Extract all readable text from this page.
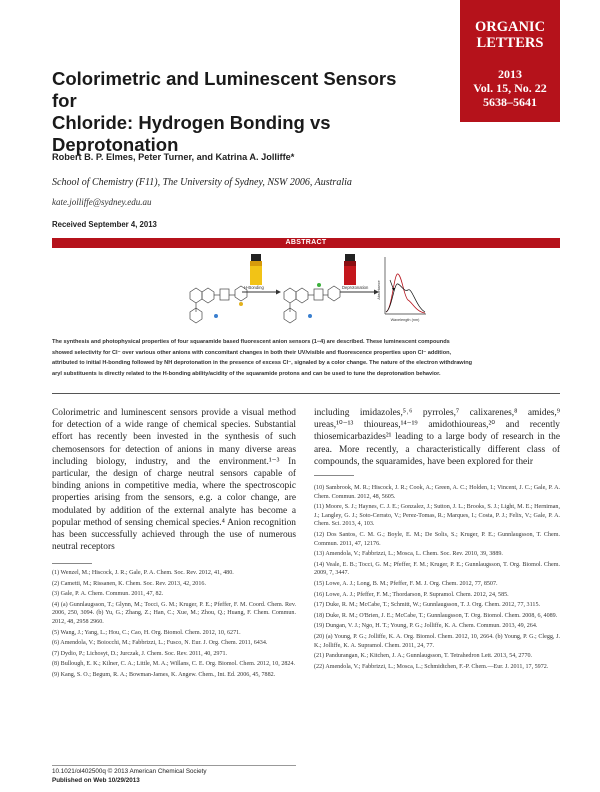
Colorimetric and Luminescent Sensors for
Chloride: Hydrogen Bonding vs
Deprotonation
ORGANIC
LETTERS
2013
Vol. 15, No. 22
5638–5641
Robert B. P. Elmes, Peter Turner, and Katrina A. Jolliffe*
School of Chemistry (F11), The University of Sydney, NSW 2006, Australia
kate.jolliffe@sydney.edu.au
Received September 4, 2013
ABSTRACT
H-Bonding	Deprotonation Absorbance
Wavelength (nm)
The synthesis and photophysical properties of four squaramide based fluorescent anion sensors (1−4) are described. These luminescent compounds
showed selectivity for Cl⁻ over various other anions with concomitant changes in both their UV/visible and fluorescence properties upon Cl⁻ addition,
attributed to initial H-bonding followed by NH deprotonation in the presence of excess Cl⁻, signaled by a color change. The nature of the electron withdrawing
aryl substituents is directly related to the H-bonding ability/acidity of the squaramide protons and can be used to tune the deprotonation behavior.
Colorimetric and luminescent sensors provide a visual method for detection of a wide range of chemical species. Substantial effort has recently been invested in the synthesis of such chemosensors for detection of anions in many diverse areas including biology, industry, and the environment.¹⁻³ In particular, the design of charge neutral sensors capable of binding anions in competitive media, where the spectroscopic properties arising from the sensors, e.g. a color change, are modulated by addition of the external analyte has become a popular method of sensing chemical species.⁴ Anion recognition has been successfully achieved through the use of numerous neutral receptors
including imidazoles,⁵˒⁶ pyrroles,⁷ calixarenes,⁸ amides,⁹ ureas,¹⁰⁻¹³ thioureas,¹⁴⁻¹⁹ amidothioureas,²⁰ and recently thiosemicarbazides²¹ leading to a large body of research in the area. More recently, a characteristically different class of compounds, the squaramides, have been explored for their
(1) Wenzel, M.; Hiscock, J. R.; Gale, P. A. Chem. Soc. Rev. 2012, 41, 480.
(2) Cametti, M.; Rissanen, K. Chem. Soc. Rev. 2013, 42, 2016.
(3) Gale, P. A. Chem. Commun. 2011, 47, 82.
(4) (a) Gunnlaugsson, T.; Glynn, M.; Tocci, G. M.; Kruger, P. E.; Pfeffer, F. M. Coord. Chem. Rev. 2006, 250, 3094. (b) Yu, G.; Zhang, Z.; Han, C.; Xue, M.; Zhou, Q.; Huang, F. Chem. Commun. 2012, 48, 2958 2960.
(5) Wang, J.; Yang, L.; Hou, C.; Cao, H. Org. Biomol. Chem. 2012, 10, 6271.
(6) Amendola, V.; Boiocchi, M.; Fabbrizzi, L.; Fusco, N. Eur. J. Org. Chem. 2011, 6434.
(7) Dydio, P.; Lichosyt, D.; Jurczak, J. Chem. Soc. Rev. 2011, 40, 2971.
(8) Bullough, E. K.; Kilner, C. A.; Little, M. A.; Willans, C. E. Org. Biomol. Chem. 2012, 10, 2824.
(9) Kang, S. O.; Begum, R. A.; Bowman-James, K. Angew. Chem., Int. Ed. 2006, 45, 7882.
(10) Sambrook, M. R.; Hiscock, J. R.; Cook, A.; Green, A. C.; Holden, I.; Vincent, J. C.; Gale, P. A. Chem. Commun. 2012, 48, 5605.
(11) Moore, S. J.; Haynes, C. J. E.; Gonzalez, J.; Sutton, J. L.; Brooks, S. J.; Light, M. E.; Herniman, J.; Langley, G. J.; Soto-Cerrato, V.; Perez-Tomas, R.; Marques, I.; Costa, P. J.; Felix, V.; Gale, P. A. Chem. Sci. 2013, 4, 103.
(12) Dos Santos, C. M. G.; Boyle, E. M.; De Solis, S.; Kruger, P. E.; Gunnlaugsson, T. Chem. Commun. 2011, 47, 12176.
(13) Amendola, V.; Fabbrizzi, L.; Mosca, L. Chem. Soc. Rev. 2010, 39, 3889.
(14) Veale, E. B.; Tocci, G. M.; Pfeffer, F. M.; Kruger, P. E.; Gunnlaugsson, T. Org. Biomol. Chem. 2009, 7, 3447.
(15) Lowe, A. J.; Long, B. M.; Pfeffer, F. M. J. Org. Chem. 2012, 77, 8507.
(16) Lowe, A. J.; Pfeffer, F. M.; Thordarson, P. Supramol. Chem. 2012, 24, 585.
(17) Duke, R. M.; McCabe, T.; Schmitt, W.; Gunnlaugsson, T. J. Org. Chem. 2012, 77, 3115.
(18) Duke, R. M.; O'Brien, J. E.; McCabe, T.; Gunnlaugsson, T. Org. Biomol. Chem. 2008, 6, 4089.
(19) Dungan, V. J.; Ngo, H. T.; Young, P. G.; Jolliffe, K. A. Chem. Commun. 2013, 49, 264.
(20) (a) Young, P. G.; Jolliffe, K. A. Org. Biomol. Chem. 2012, 10, 2664. (b) Young, P. G.; Clegg, J. K.; Jolliffe, K. A. Supramol. Chem. 2011, 24, 77.
(21) Pandurangan, K.; Kitchen, J. A.; Gunnlaugsson, T. Tetrahedron Lett. 2013, 54, 2770.
(22) Amendola, V.; Fabbrizzi, L.; Mosca, L.; Schmidtchen, F.-P. Chem.—Eur. J. 2011, 17, 5972.
10.1021/ol402500q © 2013 American Chemical Society
Published on Web 10/29/2013
